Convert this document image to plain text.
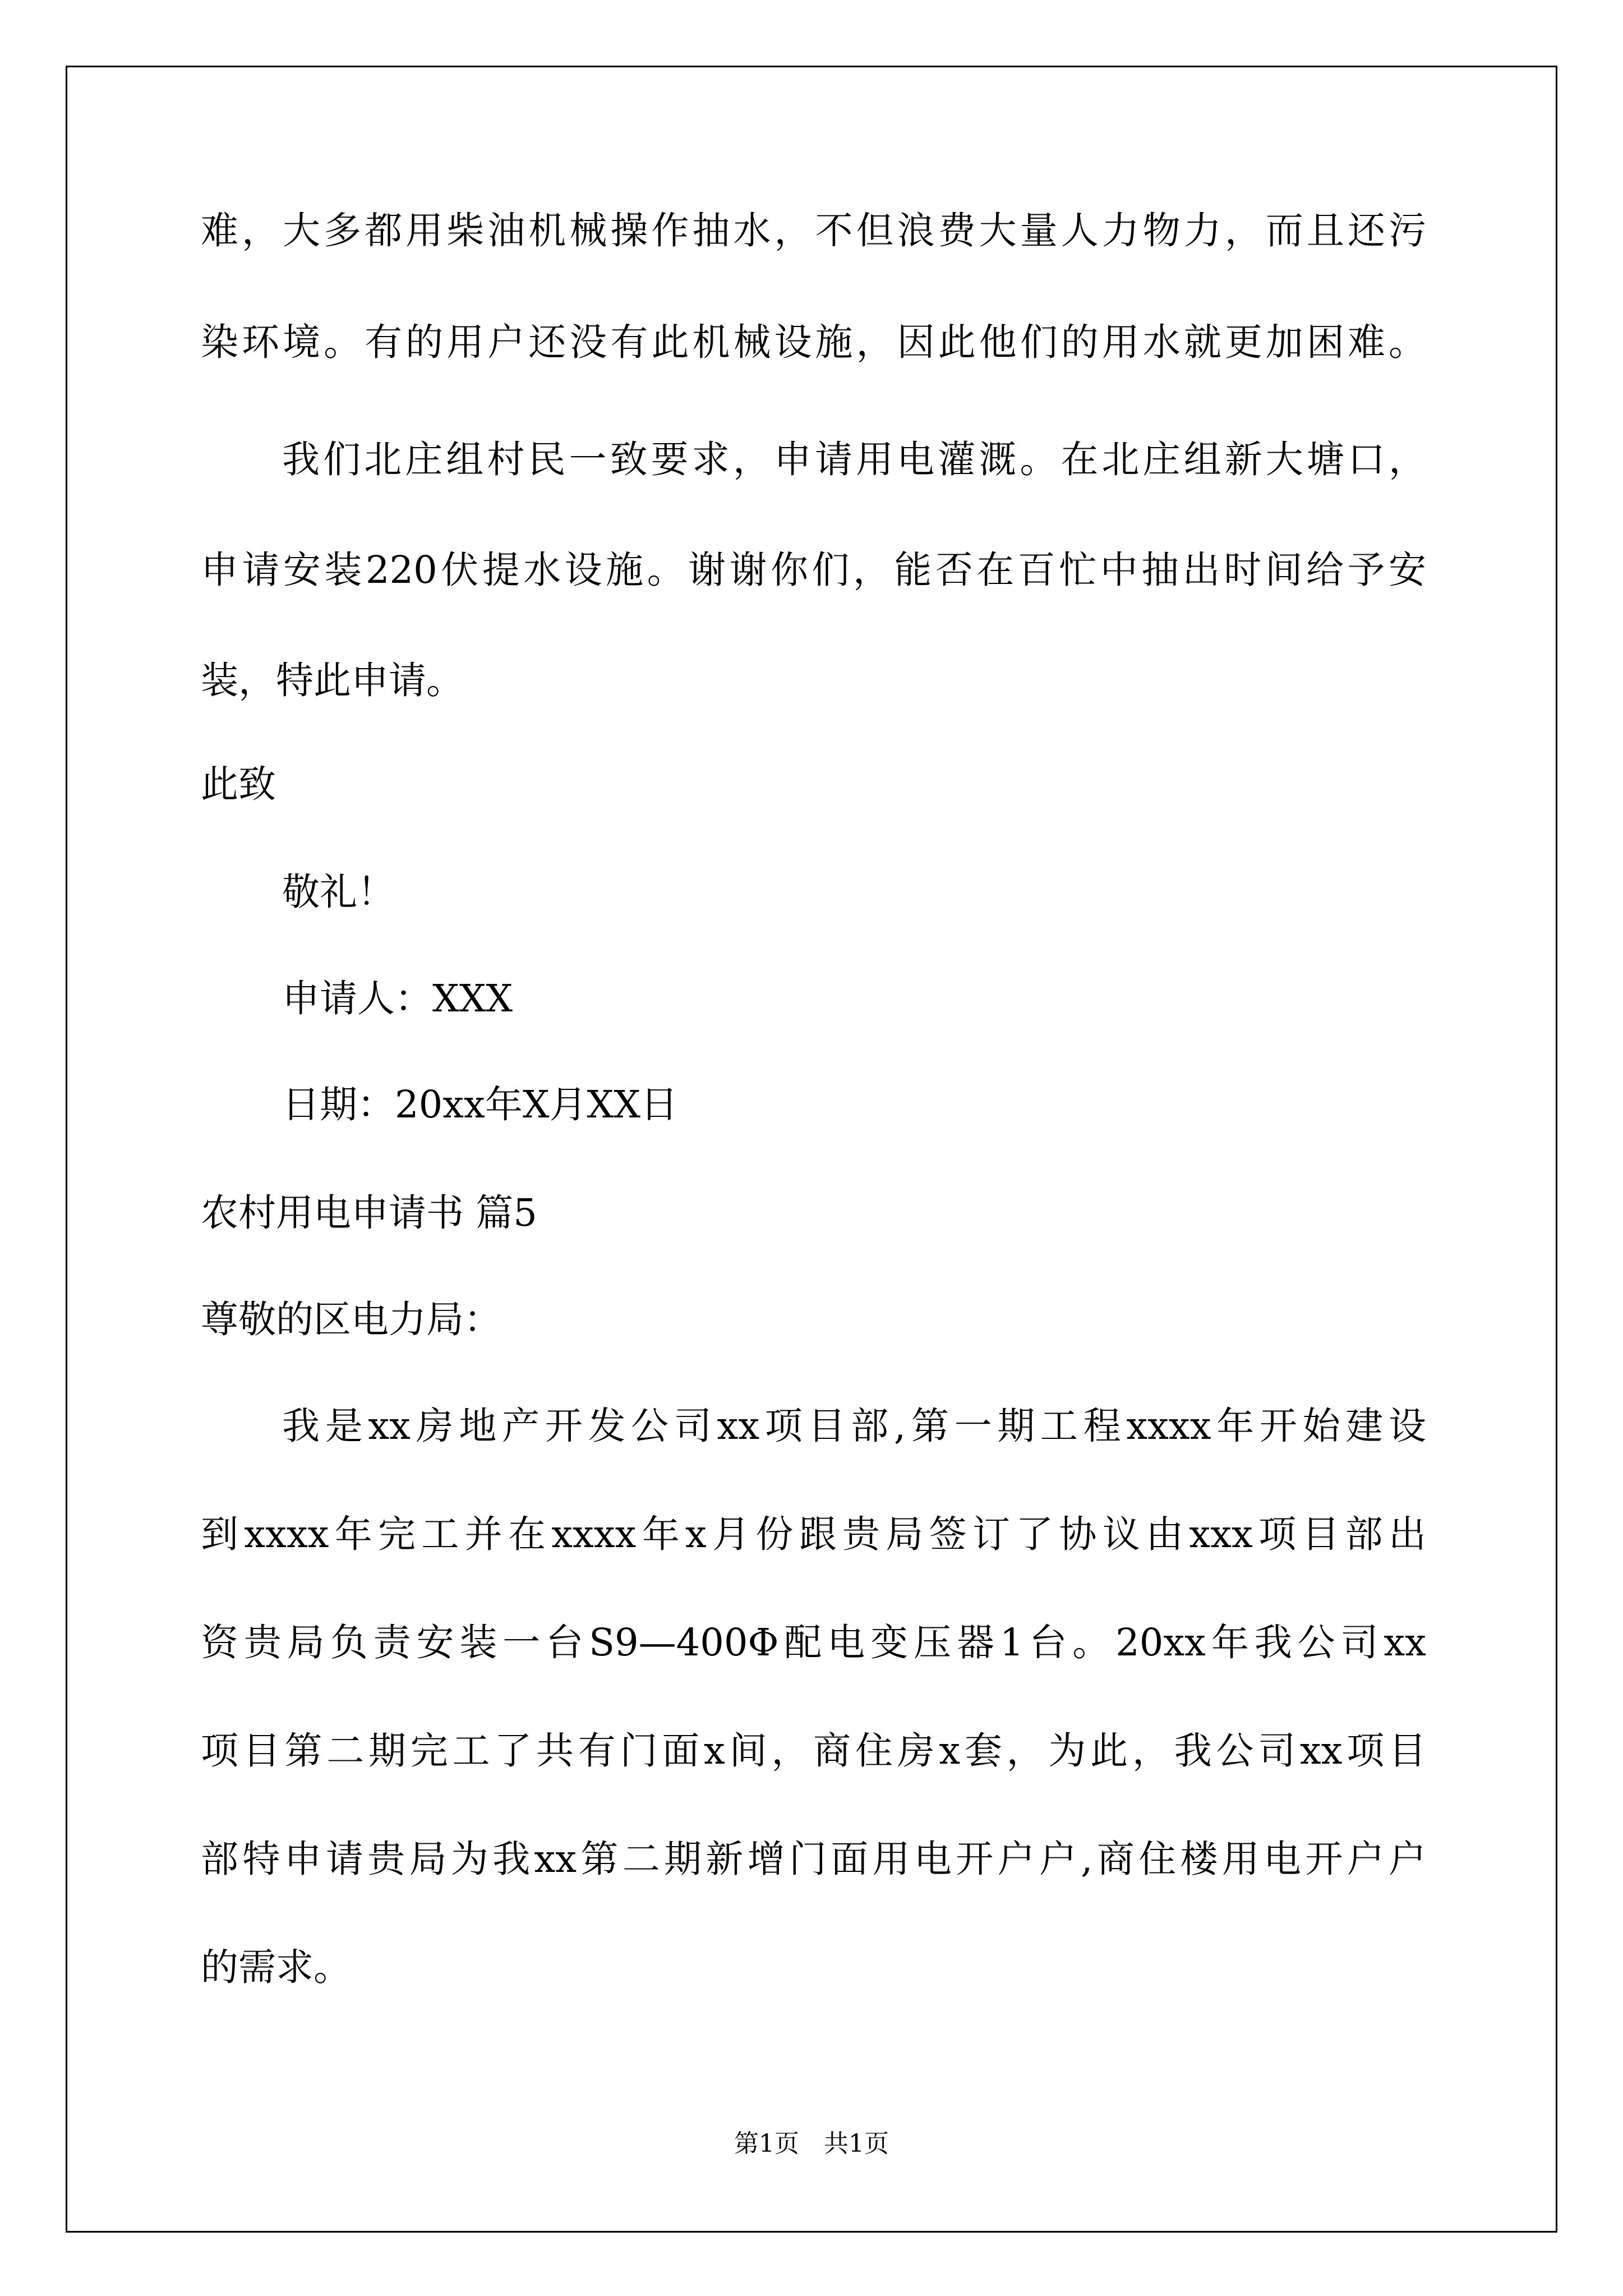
难，大多都用柴油机械操作抽水，不但浪费大量人力物力，而且还污
染环境。有的用户还没有此机械设施，因此他们的用水就更加困难。
我们北庄组村民一致要求，申请用电灌溉。在北庄组新大塘口，
申请安装220伏提水设施。谢谢你们，能否在百忙中抽出时间给予安
装，特此申请。
此致
敬礼！
申请人：XXX
日期：20xx年X月XX日
农村用电申请书 篇5
尊敬的区电力局：
我是xx房地产开发公司xx项目部,第一期工程xxxx年开始建设
到xxxx年完工并在xxxx年x月份跟贵局签订了协议由xxx项目部出
资贵局负责安装一台S9—400Φ配电变压器1台。20xx年我公司xx
项目第二期完工了共有门面x间，商住房x套，为此，我公司xx项目
部特申请贵局为我xx第二期新增门面用电开户户,商住楼用电开户户
的需求。
第1页　共1页
